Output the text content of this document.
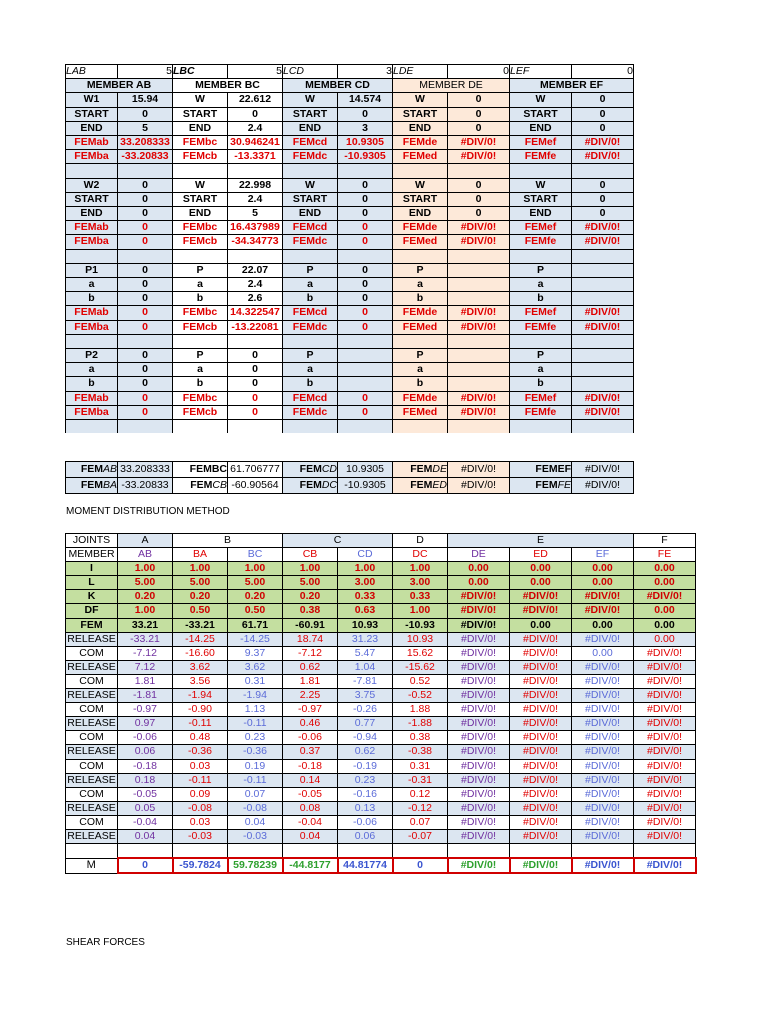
LAB	5	LBC	5	LCD	3	LDE	0	LEF	0
MEMBER AB		MEMBER BC		MEMBER CD		MEMBER DE		MEMBER EF	
W1	15.94	W	22.612	W	14.574	W	0	W	0
START	0	START	0	START	0	START	0	START	0
END	5	END	2.4	END	3	END	0	END	0
FEMab	33.208333	FEMbc	30.946241	FEMcd	10.9305	FEMde	#DIV/0!	FEMef	#DIV/0!
FEMba	-33.20833	FEMcb	-13.3371	FEMdc	-10.9305	FEMed	#DIV/0!	FEMfe	#DIV/0!

W2	0	W	22.998	W	0	W	0	W	0
START	0	START	2.4	START	0	START	0	START	0
END	0	END	5	END	0	END	0	END	0
FEMab	0	FEMbc	16.437989	FEMcd	0	FEMde	#DIV/0!	FEMef	#DIV/0!
FEMba	0	FEMcb	-34.34773	FEMdc	0	FEMed	#DIV/0!	FEMfe	#DIV/0!

P1	0	P	22.07	P	0	P		P	
a	0	a	2.4	a	0	a		a	
b	0	b	2.6	b	0	b		b	
FEMab	0	FEMbc	14.322547	FEMcd	0	FEMde	#DIV/0!	FEMef	#DIV/0!
FEMba	0	FEMcb	-13.22081	FEMdc	0	FEMed	#DIV/0!	FEMfe	#DIV/0!

P2	0	P	0	P		P		P	
a	0	a	0	a		a		a	
b	0	b	0	b		b		b	
FEMab	0	FEMbc	0	FEMcd	0	FEMde	#DIV/0!	FEMef	#DIV/0!
FEMba	0	FEMcb	0	FEMdc	0	FEMed	#DIV/0!	FEMfe	#DIV/0!

FEMAB	33.208333	FEMBC	61.706777	FEMCD	10.9305	FEMDE	#DIV/0!	FEMEF	#DIV/0!
FEMBA	-33.20833	FEMCB	-60.90564	FEMDC	-10.9305	FEMED	#DIV/0!	FEMFE	#DIV/0!
MOMENT DISTRIBUTION METHOD
JOINTS	A	B		C		D	E			F
MEMBER	AB	BA	BC	CB	CD	DC	DE	ED	EF	FE
I	1.00	1.00	1.00	1.00	1.00	1.00	0.00	0.00	0.00	0.00
L	5.00	5.00	5.00	5.00	3.00	3.00	0.00	0.00	0.00	0.00
K	0.20	0.20	0.20	0.20	0.33	0.33	#DIV/0!	#DIV/0!	#DIV/0!	#DIV/0!
DF	1.00	0.50	0.50	0.38	0.63	1.00	#DIV/0!	#DIV/0!	#DIV/0!	0.00
FEM	33.21	-33.21	61.71	-60.91	10.93	-10.93	#DIV/0!	0.00	0.00	0.00
RELEASE	-33.21	-14.25	-14.25	18.74	31.23	10.93	#DIV/0!	#DIV/0!	#DIV/0!	0.00
COM	-7.12	-16.60	9.37	-7.12	5.47	15.62	#DIV/0!	#DIV/0!	0.00	#DIV/0!
RELEASE	7.12	3.62	3.62	0.62	1.04	-15.62	#DIV/0!	#DIV/0!	#DIV/0!	#DIV/0!
COM	1.81	3.56	0.31	1.81	-7.81	0.52	#DIV/0!	#DIV/0!	#DIV/0!	#DIV/0!
RELEASE	-1.81	-1.94	-1.94	2.25	3.75	-0.52	#DIV/0!	#DIV/0!	#DIV/0!	#DIV/0!
COM	-0.97	-0.90	1.13	-0.97	-0.26	1.88	#DIV/0!	#DIV/0!	#DIV/0!	#DIV/0!
RELEASE	0.97	-0.11	-0.11	0.46	0.77	-1.88	#DIV/0!	#DIV/0!	#DIV/0!	#DIV/0!
COM	-0.06	0.48	0.23	-0.06	-0.94	0.38	#DIV/0!	#DIV/0!	#DIV/0!	#DIV/0!
RELEASE	0.06	-0.36	-0.36	0.37	0.62	-0.38	#DIV/0!	#DIV/0!	#DIV/0!	#DIV/0!
COM	-0.18	0.03	0.19	-0.18	-0.19	0.31	#DIV/0!	#DIV/0!	#DIV/0!	#DIV/0!
RELEASE	0.18	-0.11	-0.11	0.14	0.23	-0.31	#DIV/0!	#DIV/0!	#DIV/0!	#DIV/0!
COM	-0.05	0.09	0.07	-0.05	-0.16	0.12	#DIV/0!	#DIV/0!	#DIV/0!	#DIV/0!
RELEASE	0.05	-0.08	-0.08	0.08	0.13	-0.12	#DIV/0!	#DIV/0!	#DIV/0!	#DIV/0!
COM	-0.04	0.03	0.04	-0.04	-0.06	0.07	#DIV/0!	#DIV/0!	#DIV/0!	#DIV/0!
RELEASE	0.04	-0.03	-0.03	0.04	0.06	-0.07	#DIV/0!	#DIV/0!	#DIV/0!	#DIV/0!

M	0	-59.7824	59.78239	-44.8177	44.81774	0	#DIV/0!	#DIV/0!	#DIV/0!	#DIV/0!
SHEAR FORCES
